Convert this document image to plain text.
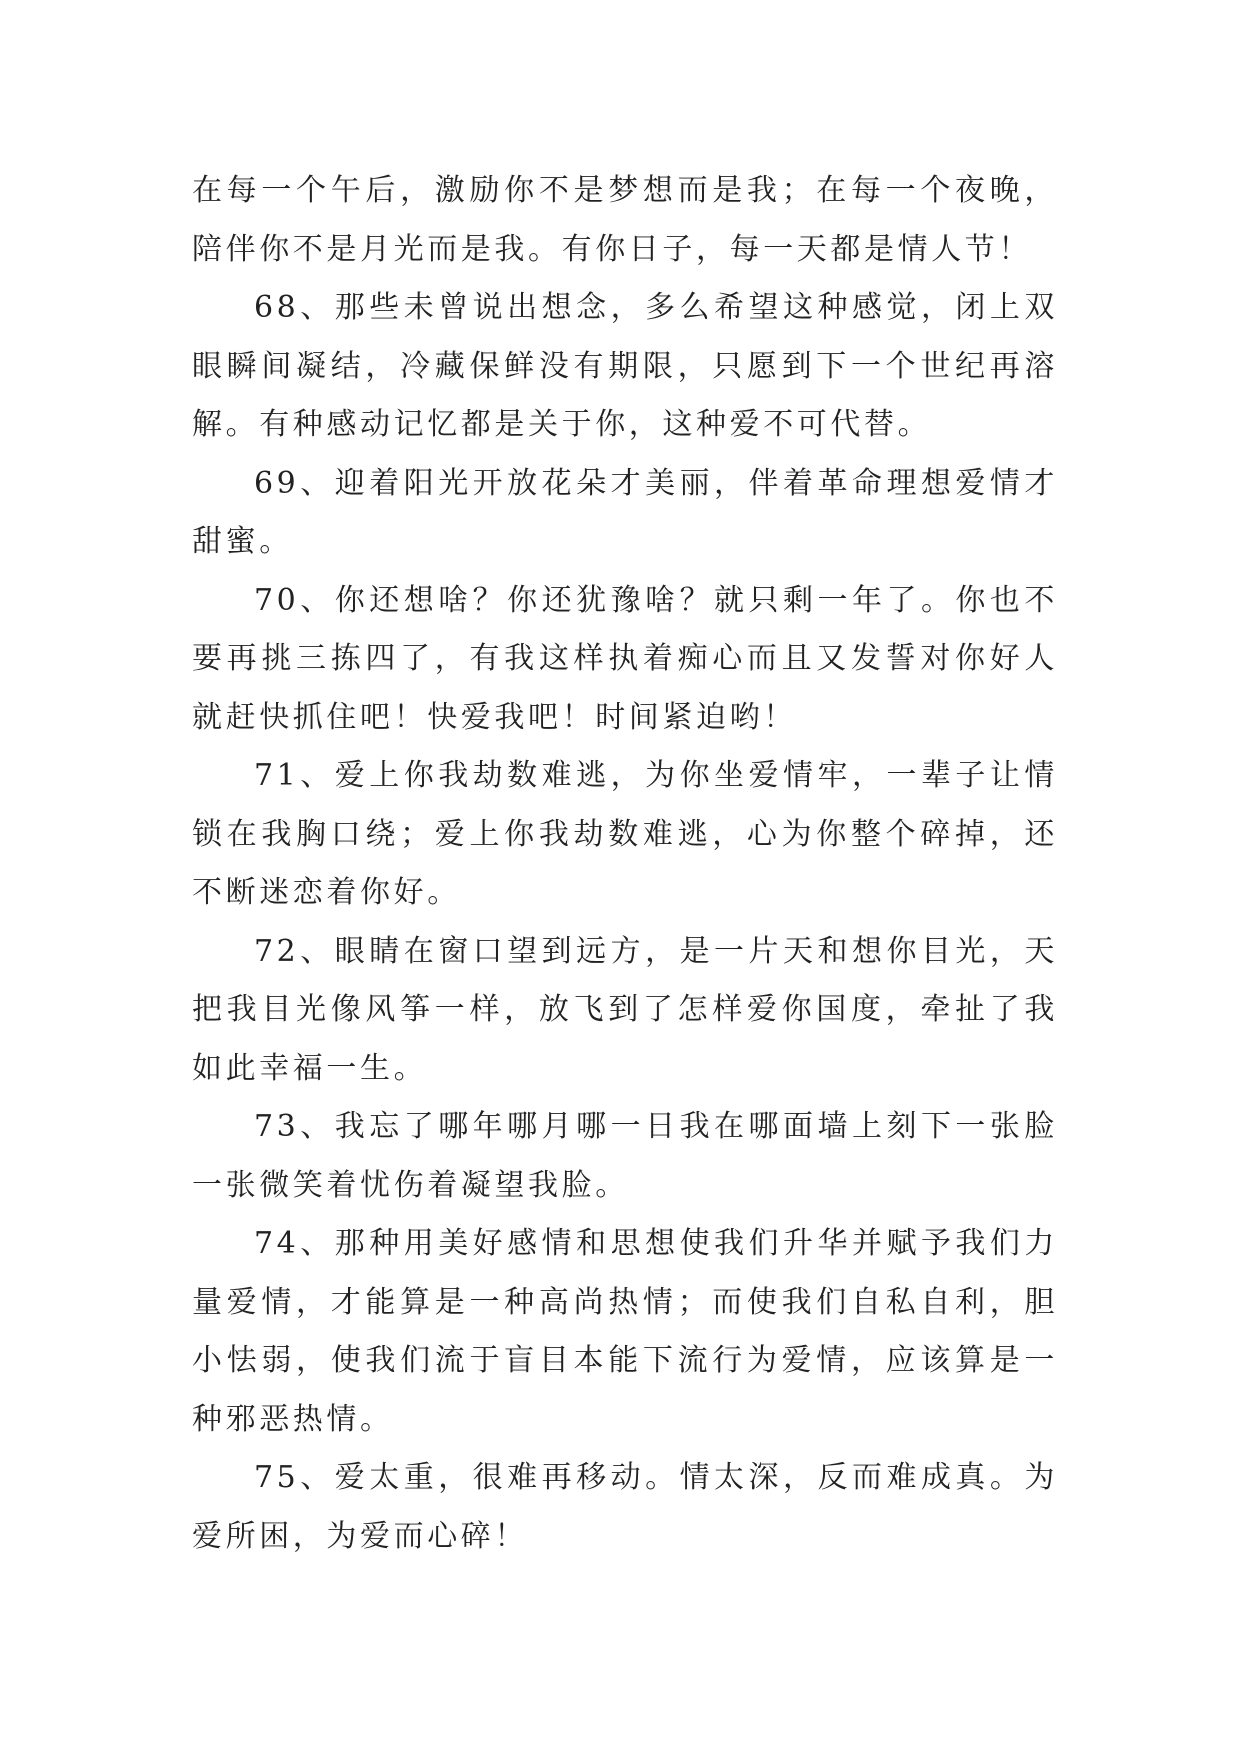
在每一个午后，激励你不是梦想而是我；在每一个夜晚，陪伴你不是月光而是我。有你日子，每一天都是情人节！

68、那些未曾说出想念，多么希望这种感觉，闭上双眼瞬间凝结，冷藏保鲜没有期限，只愿到下一个世纪再溶解。有种感动记忆都是关于你，这种爱不可代替。

69、迎着阳光开放花朵才美丽，伴着革命理想爱情才甜蜜。

70、你还想啥？你还犹豫啥？就只剩一年了。你也不要再挑三拣四了，有我这样执着痴心而且又发誓对你好人就赶快抓住吧！快爱我吧！时间紧迫哟！

71、爱上你我劫数难逃，为你坐爱情牢，一辈子让情锁在我胸口绕；爱上你我劫数难逃，心为你整个碎掉，还不断迷恋着你好。

72、眼睛在窗口望到远方，是一片天和想你目光，天把我目光像风筝一样，放飞到了怎样爱你国度，牵扯了我如此幸福一生。

73、我忘了哪年哪月哪一日我在哪面墙上刻下一张脸一张微笑着忧伤着凝望我脸。

74、那种用美好感情和思想使我们升华并赋予我们力量爱情，才能算是一种高尚热情；而使我们自私自利，胆小怯弱，使我们流于盲目本能下流行为爱情，应该算是一种邪恶热情。

75、爱太重，很难再移动。情太深，反而难成真。为爱所困，为爱而心碎！
